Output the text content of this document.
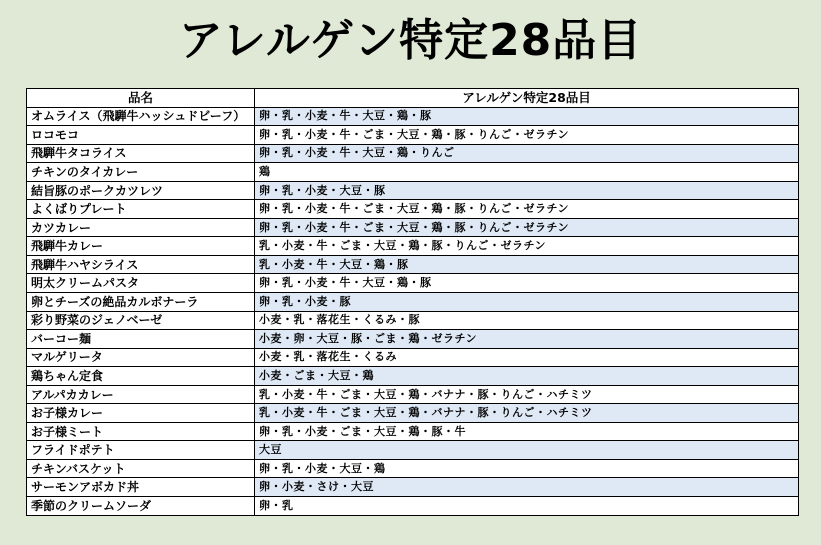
アレルゲン特定28品目
品名	アレルゲン特定28品目
オムライス（飛騨牛ハッシュドビーフ）	卵・乳・小麦・牛・大豆・鶏・豚
ロコモコ	卵・乳・小麦・牛・ごま・大豆・鶏・豚・りんご・ゼラチン
飛騨牛タコライス	卵・乳・小麦・牛・大豆・鶏・りんご
チキンのタイカレー	鶏
結旨豚のポークカツレツ	卵・乳・小麦・大豆・豚
よくばりプレート	卵・乳・小麦・牛・ごま・大豆・鶏・豚・りんご・ゼラチン
カツカレー	卵・乳・小麦・牛・ごま・大豆・鶏・豚・りんご・ゼラチン
飛騨牛カレー	乳・小麦・牛・ごま・大豆・鶏・豚・りんご・ゼラチン
飛騨牛ハヤシライス	乳・小麦・牛・大豆・鶏・豚
明太クリームパスタ	卵・乳・小麦・牛・大豆・鶏・豚
卵とチーズの絶品カルボナーラ	卵・乳・小麦・豚
彩り野菜のジェノベーゼ	小麦・乳・落花生・くるみ・豚
バーコー麺	小麦・卵・大豆・豚・ごま・鶏・ゼラチン
マルゲリータ	小麦・乳・落花生・くるみ
鶏ちゃん定食	小麦・ごま・大豆・鶏
アルパカカレー	乳・小麦・牛・ごま・大豆・鶏・バナナ・豚・りんご・ハチミツ
お子様カレー	乳・小麦・牛・ごま・大豆・鶏・バナナ・豚・りんご・ハチミツ
お子様ミート	卵・乳・小麦・ごま・大豆・鶏・豚・牛
フライドポテト	大豆
チキンバスケット	卵・乳・小麦・大豆・鶏
サーモンアボカド丼	卵・小麦・さけ・大豆
季節のクリームソーダ	卵・乳
